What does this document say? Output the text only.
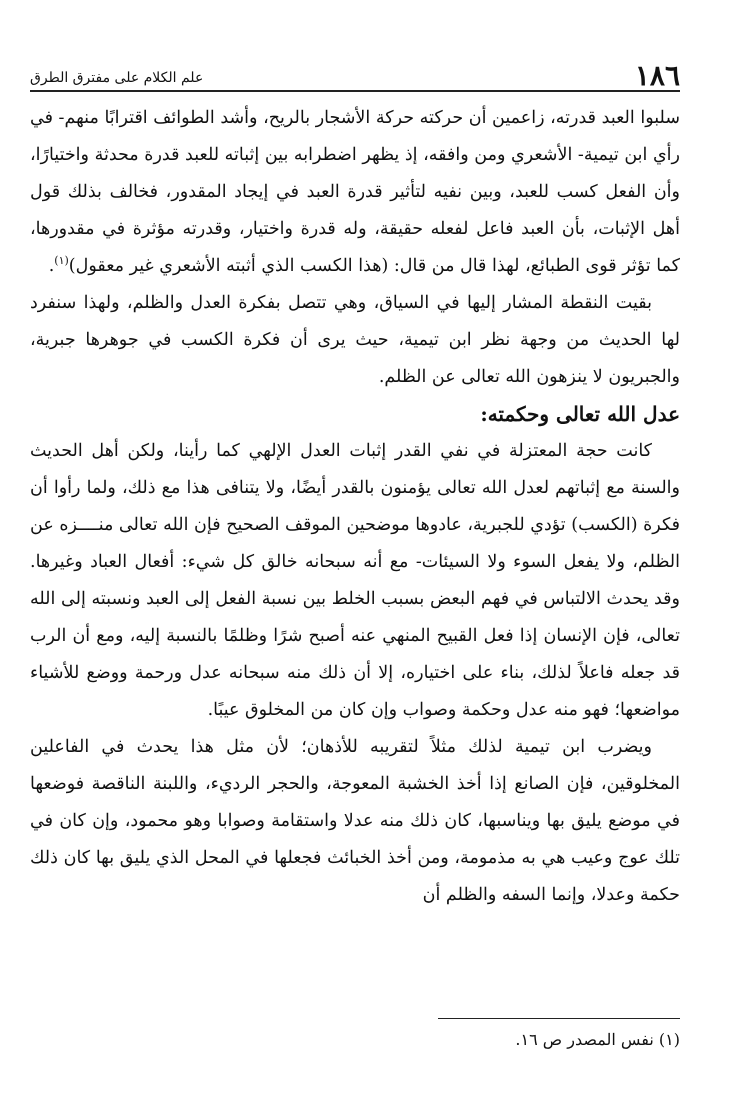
١٨٦
علم الكلام على مفترق الطرق

سلبوا العبد قدرته، زاعمين أن حركته حركة الأشجار بالريح، وأشد الطوائف اقترابًا منهم- في رأي ابن تيمية- الأشعري ومن وافقه، إذ يظهر اضطرابه بين إثباته للعبد قدرة محدثة واختيارًا، وأن الفعل كسب للعبد، وبين نفيه لتأثير قدرة العبد في إيجاد المقدور، فخالف بذلك قول أهل الإثبات، بأن العبد فاعل لفعله حقيقة، وله قدرة واختيار، وقدرته مؤثرة في مقدورها، كما تؤثر قوى الطبائع، لهذا قال من قال: (هذا الكسب الذي أثبته الأشعري غير معقول)$^{(١)}$.

بقيت النقطة المشار إليها في السياق، وهي تتصل بفكرة العدل والظلم، ولهذا سنفرد لها الحديث من وجهة نظر ابن تيمية، حيث يرى أن فكرة الكسب في جوهرها جبرية، والجبريون لا ينزهون الله تعالى عن الظلم.

عدل الله تعالى وحكمته:

كانت حجة المعتزلة في نفي القدر إثبات العدل الإلهي كما رأينا، ولكن أهل الحديث والسنة مع إثباتهم لعدل الله تعالى يؤمنون بالقدر أيضًا، ولا يتنافى هذا مع ذلك، ولما رأوا أن فكرة (الكسب) تؤدي للجبرية، عادوها موضحين الموقف الصحيح فإن الله تعالى منــــزه عن الظلم، ولا يفعل السوء ولا السيئات- مع أنه سبحانه خالق كل شيء: أفعال العباد وغيرها. وقد يحدث الالتباس في فهم البعض بسبب الخلط بين نسبة الفعل إلى العبد ونسبته إلى الله تعالى، فإن الإنسان إذا فعل القبيح المنهي عنه أصبح شرًا وظلمًا بالنسبة إليه، ومع أن الرب قد جعله فاعلاً لذلك، بناء على اختياره، إلا أن ذلك منه سبحانه عدل ورحمة ووضع للأشياء مواضعها؛ فهو منه عدل وحكمة وصواب وإن كان من المخلوق عيبًا.

ويضرب ابن تيمية لذلك مثلاً لتقريبه للأذهان؛ لأن مثل هذا يحدث في الفاعلين المخلوقين، فإن الصانع إذا أخذ الخشبة المعوجة، والحجر الرديء، واللبنة الناقصة فوضعها في موضع يليق بها ويناسبها، كان ذلك منه عدلا واستقامة وصوابا وهو محمود، وإن كان في تلك عوج وعيب هي به مذمومة، ومن أخذ الخبائث فجعلها في المحل الذي يليق بها كان ذلك حكمة وعدلا، وإنما السفه والظلم أن

(١) نفس المصدر ص ١٦.
